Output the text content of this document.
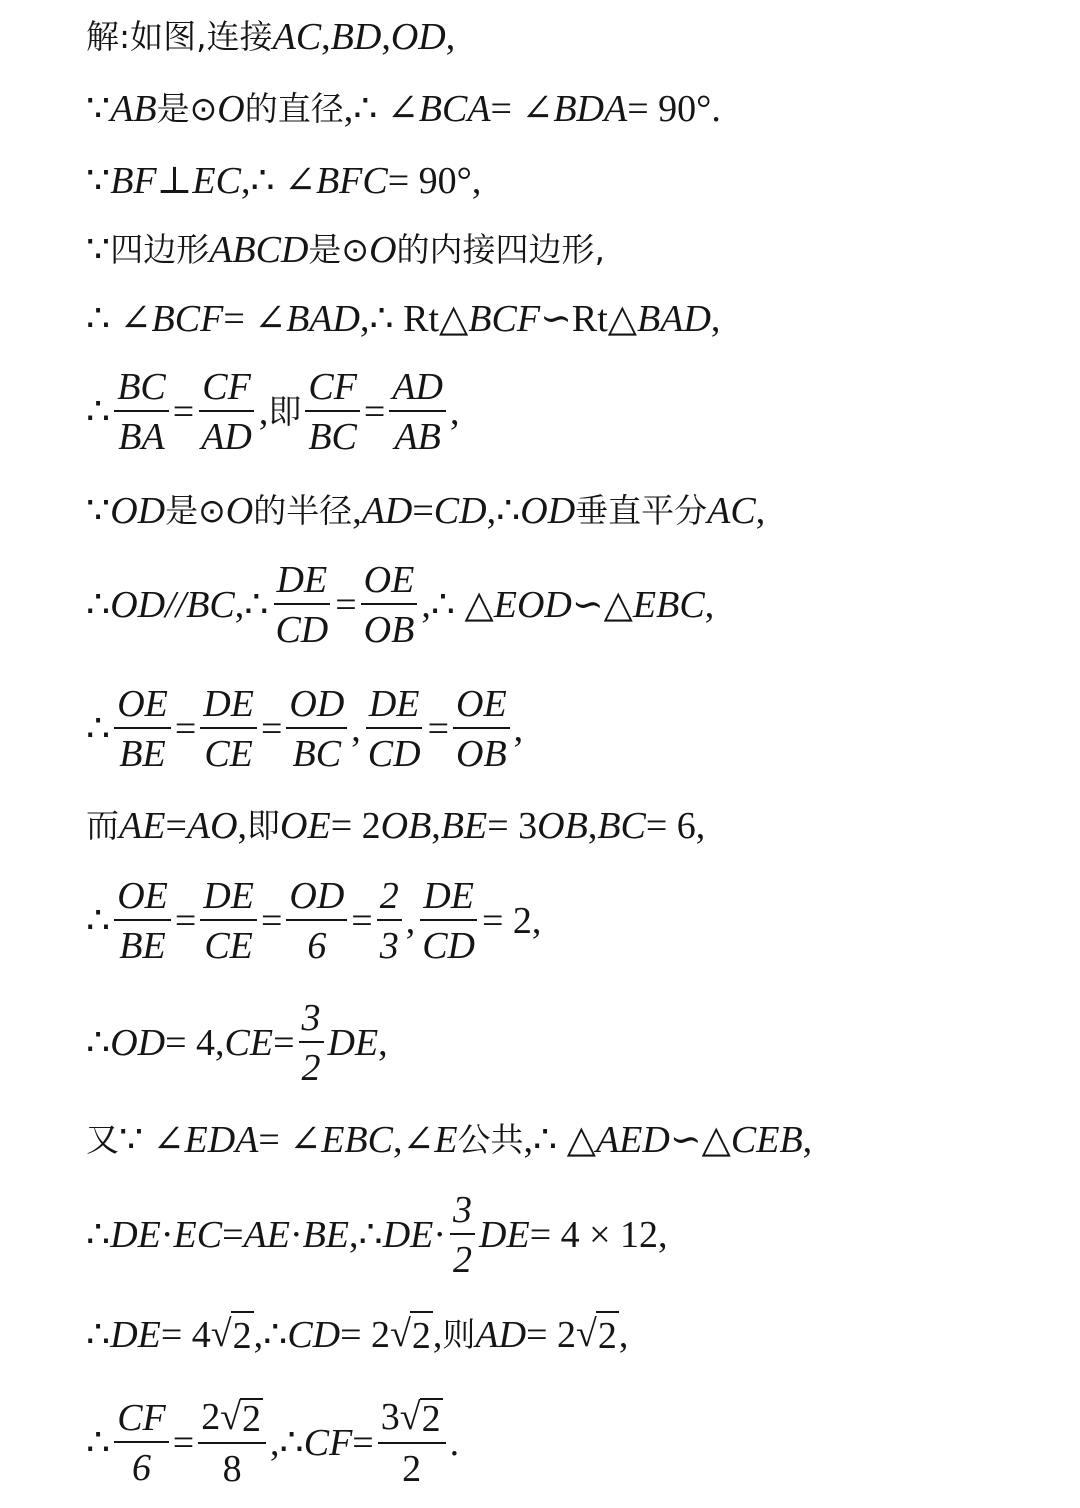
解:如图,连接 AC , BD , OD ,
∵ AB 是⊙ O 的直径 ,∴ ∠ BCA = ∠ BDA = 90°.
∵ BF ⊥ EC ,∴ ∠ BFC = 90°,
∵ 四边形 ABCD 是⊙ O 的内接四边形,
∴ ∠ BCF = ∠ BAD ,∴ Rt△ BCF ∽Rt△ BAD ,
∴ $\frac{BC}{BA} = \frac{CF}{AD}$ , 即 $\frac{CF}{BC} = \frac{AD}{AB}$ ,
∵ OD 是⊙ O 的半径 , AD = CD ,∴ OD 垂直平分 AC ,
∴ OD//BC ,∴ $\frac{DE}{CD} = \frac{OE}{OB}$ ,∴ △ EOD ∽△ EBC ,
∴ $\frac{OE}{BE} = \frac{DE}{CE} = \frac{OD}{BC}$ , $\frac{DE}{CD} = \frac{OE}{OB}$ ,
而 AE = AO , 即 OE = 2 OB , BE = 3 OB , BC = 6,
∴ $\frac{OE}{BE} = \frac{DE}{CE} = \frac{OD}{6} = \frac{2}{3}$ , $\frac{DE}{CD} = 2$,
∴ OD = 4, CE = $\frac{3}{2}$ DE ,
又 ∵ ∠ EDA = ∠ EBC ,∠ E 公共 ,∴ △ AED ∽△ CEB ,
∴ DE · EC = AE · BE ,∴ DE · $\frac{3}{2}$ DE = 4 × 12,
∴ DE = 4 √ 2 ,∴ CD = 2 √ 2 , 则 AD = 2 √ 2 ,
∴ $\frac{CF}{6} = \frac{2 √ 2}{8}$ ,∴ CF = $\frac{3 √ 2}{2}$ .
